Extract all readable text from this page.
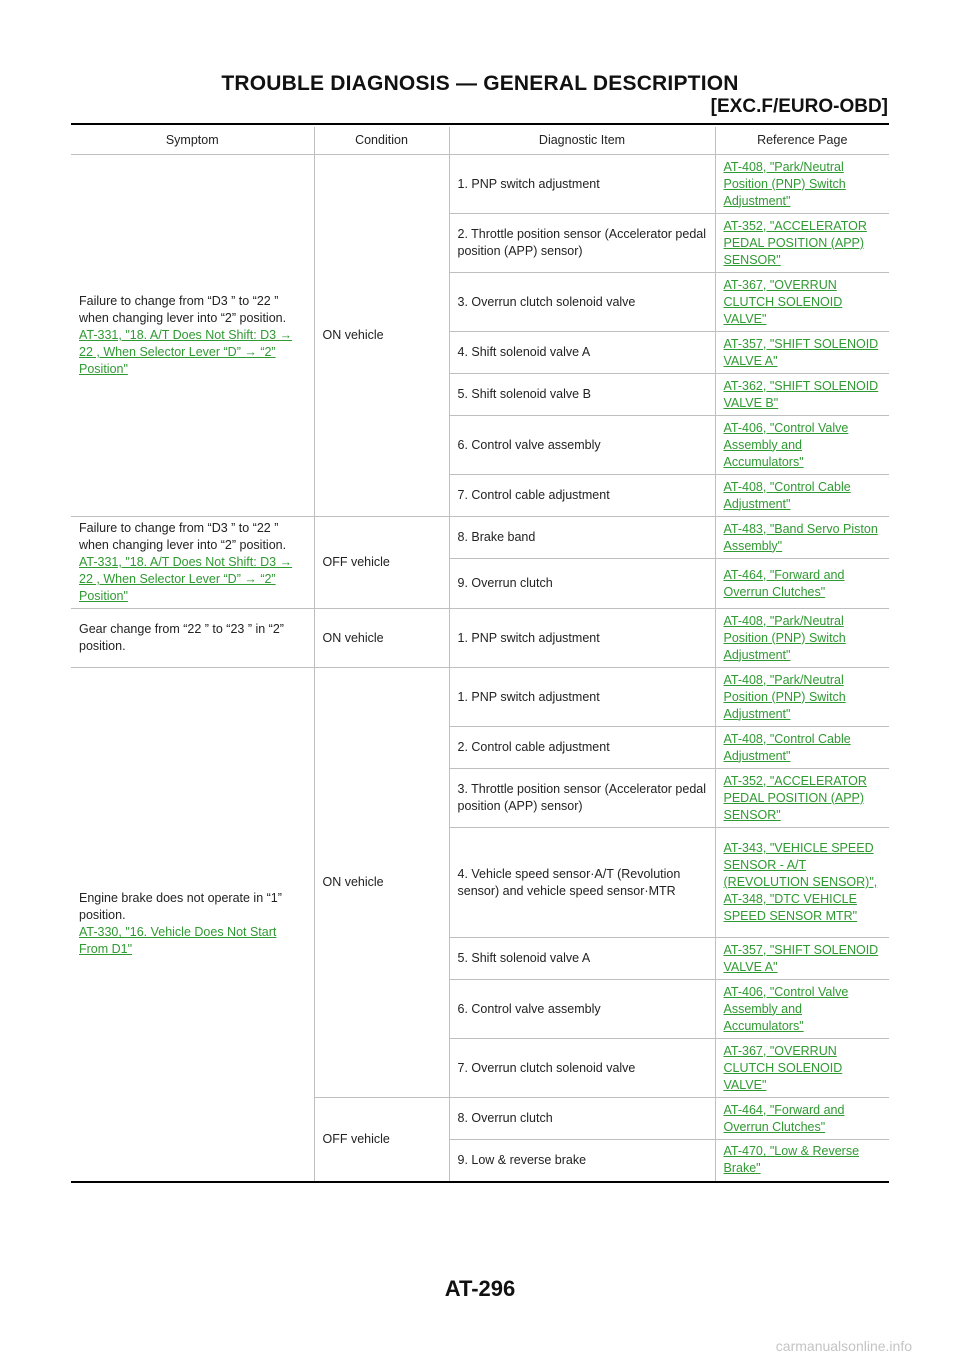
TROUBLE DIAGNOSIS — GENERAL DESCRIPTION
[EXC.F/EURO-OBD]
Symptom	Condition	Diagnostic Item	Reference Page
Failure to change from “D3 ” to “22 ” when changing lever into “2” position.
AT-331, "18. A/T Does Not Shift: D3 → 22 , When Selector Lever “D” → “2” Position"	ON vehicle	1. PNP switch adjustment	AT-408, "Park/Neutral Position (PNP) Switch Adjustment"

		2. Throttle position sensor (Accelerator pedal position (APP) sensor)	AT-352, "ACCELERATOR PEDAL POSITION (APP) SENSOR"

		3. Overrun clutch solenoid valve	AT-367, "OVERRUN CLUTCH SOLENOID VALVE"

		4. Shift solenoid valve A	AT-357, "SHIFT SOLENOID VALVE A"

		5. Shift solenoid valve B	AT-362, "SHIFT SOLENOID VALVE B"

		6. Control valve assembly	AT-406, "Control Valve Assembly and Accumulators"

		7. Control cable adjustment	AT-408, "Control Cable Adjustment"

Failure to change from “D3 ” to “22 ” when changing lever into “2” position.
AT-331, "18. A/T Does Not Shift: D3 → 22 , When Selector Lever “D” → “2” Position"	OFF vehicle	8. Brake band	AT-483, "Band Servo Piston Assembly"

		9. Overrun clutch	AT-464, "Forward and Overrun Clutches"

Gear change from “22 ” to “23 ” in “2” position.	ON vehicle	1. PNP switch adjustment	AT-408, "Park/Neutral Position (PNP) Switch Adjustment"

Engine brake does not operate in “1” position.
AT-330, "16. Vehicle Does Not Start From D1"	ON vehicle	1. PNP switch adjustment	AT-408, "Park/Neutral Position (PNP) Switch Adjustment"

		2. Control cable adjustment	AT-408, "Control Cable Adjustment"

		3. Throttle position sensor (Accelerator pedal position (APP) sensor)	AT-352, "ACCELERATOR PEDAL POSITION (APP) SENSOR"

		4. Vehicle speed sensor·A/T (Revolution sensor) and vehicle speed sensor·MTR	AT-343, "VEHICLE SPEED SENSOR - A/T (REVOLUTION SENSOR)", AT-348, "DTC VEHICLE SPEED SENSOR MTR"

		5. Shift solenoid valve A	AT-357, "SHIFT SOLENOID VALVE A"

		6. Control valve assembly	AT-406, "Control Valve Assembly and Accumulators"

		7. Overrun clutch solenoid valve	AT-367, "OVERRUN CLUTCH SOLENOID VALVE"

	OFF vehicle	8. Overrun clutch	AT-464, "Forward and Overrun Clutches"

		9. Low & reverse brake	AT-470, "Low & Reverse Brake"
AT-296
carmanualsonline.info
